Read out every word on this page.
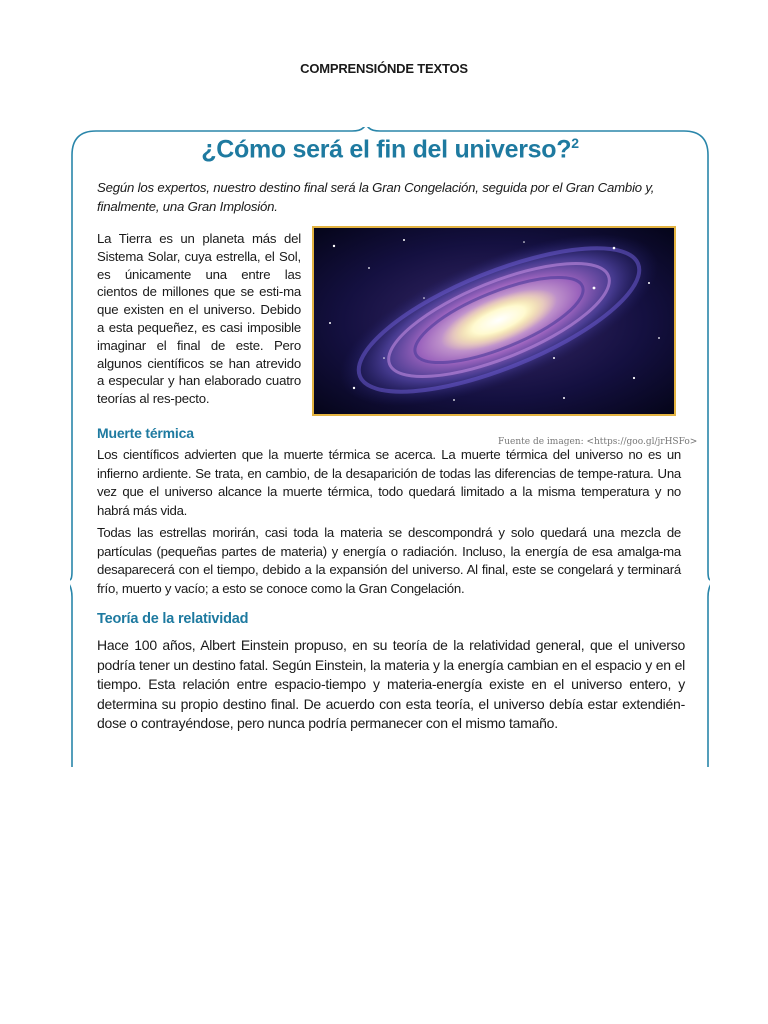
COMPRENSIÓNDE TEXTOS
¿Cómo será el fin del universo?$^2$
Según los expertos, nuestro destino final será la Gran Congelación, seguida por el Gran Cambio y, finalmente, una Gran Implosión.
La Tierra es un planeta más del Sistema Solar, cuya estrella, el Sol, es únicamente una entre las cientos de millones que se esti-ma que existen en el universo. Debido a esta pequeñez, es casi imposible imaginar el final de este. Pero algunos científicos se han atrevido a especular y han elaborado cuatro teorías al res-pecto.
Fuente de imagen: <https://goo.gl/jrHSFo>
Muerte térmica
Los científicos advierten que la muerte térmica se acerca. La muerte térmica del universo no es un infierno ardiente. Se trata, en cambio, de la desaparición de todas las diferencias de tempe-ratura. Una vez que el universo alcance la muerte térmica, todo quedará limitado a la misma temperatura y no habrá más vida.
Todas las estrellas morirán, casi toda la materia se descompondrá y solo quedará una mezcla de partículas (pequeñas partes de materia) y energía o radiación. Incluso, la energía de esa amalga-ma desaparecerá con el tiempo, debido a la expansión del universo. Al final, este se congelará y terminará frío, muerto y vacío; a esto se conoce como la Gran Congelación.
Teoría de la relatividad
Hace 100 años, Albert Einstein propuso, en su teoría de la relatividad general, que el universo podría tener un destino fatal. Según Einstein, la materia y la energía cambian en el espacio y en el tiempo. Esta relación entre espacio-tiempo y materia-energía existe en el universo entero, y determina su propio destino final. De acuerdo con esta teoría, el universo debía estar extendién-dose o contrayéndose, pero nunca podría permanecer con el mismo tamaño.
